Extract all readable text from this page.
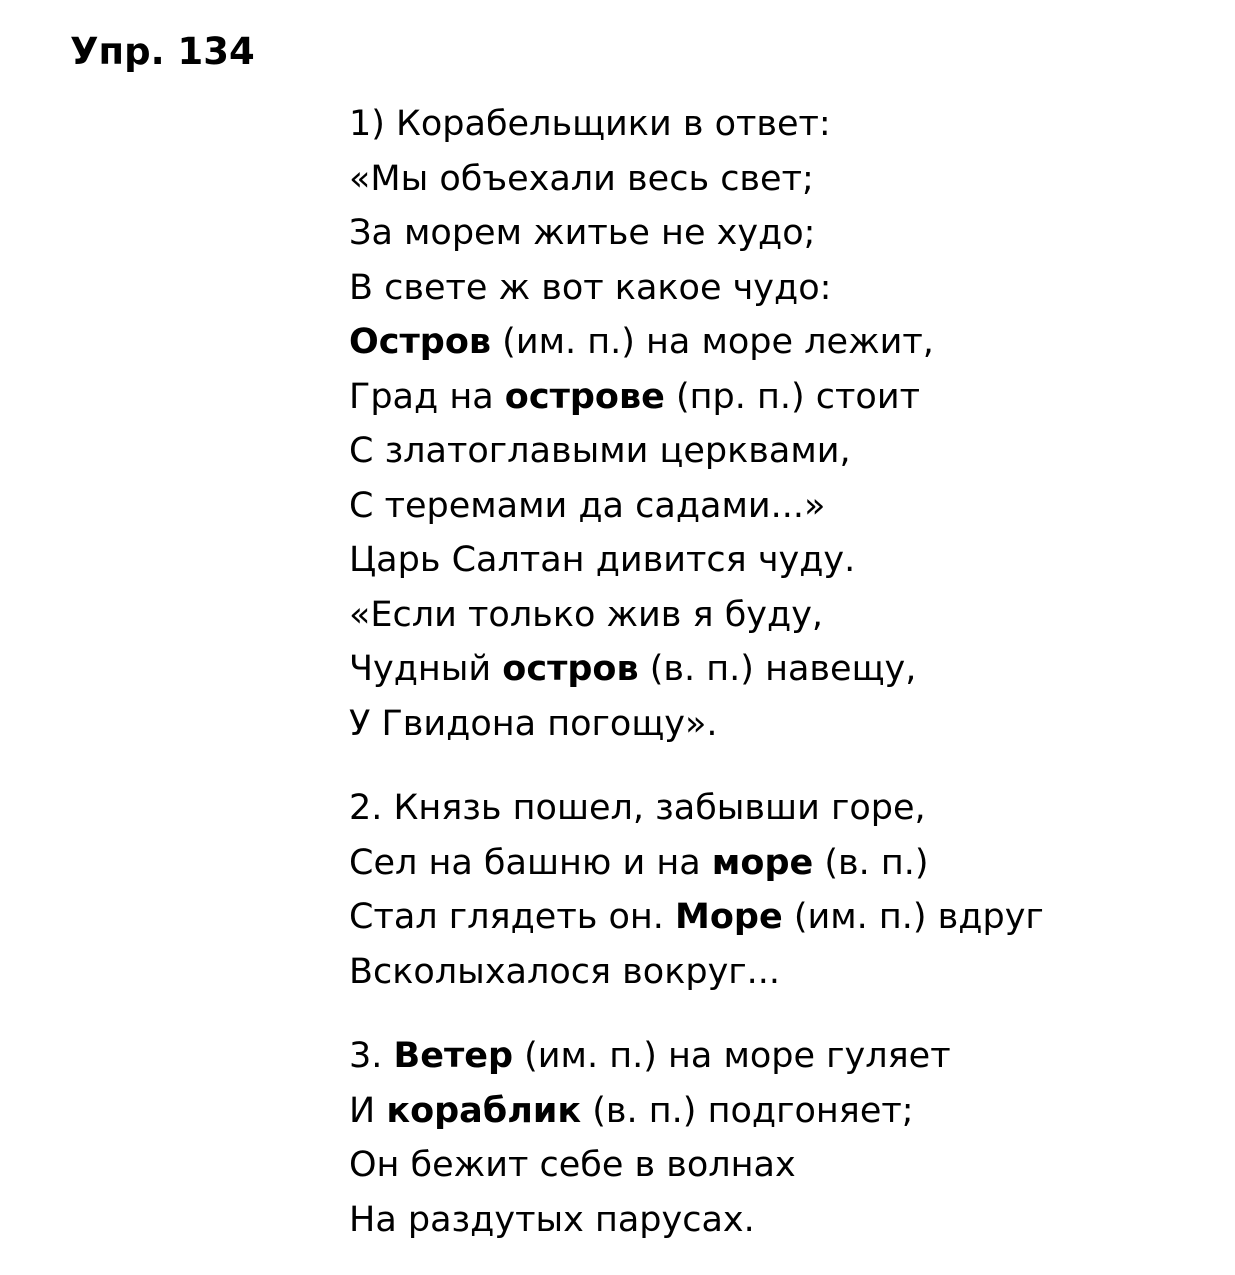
Упр. 134
1) Корабельщики в ответ:
«Мы объехали весь свет;
За морем житье не худо;
В свете ж вот какое чудо:
Остров (им. п.) на море лежит,
Град на острове (пр. п.) стоит
С златоглавыми церквами,
С теремами да садами...»
Царь Салтан дивится чуду.
«Если только жив я буду,
Чудный остров (в. п.) навещу,
У Гвидона погощу».
2. Князь пошел, забывши горе,
Сел на башню и на море (в. п.)
Стал глядеть он. Море (им. п.) вдруг
Всколыхалося вокруг...
3. Ветер (им. п.) на море гуляет
И кораблик (в. п.) подгоняет;
Он бежит себе в волнах
На раздутых парусах.
